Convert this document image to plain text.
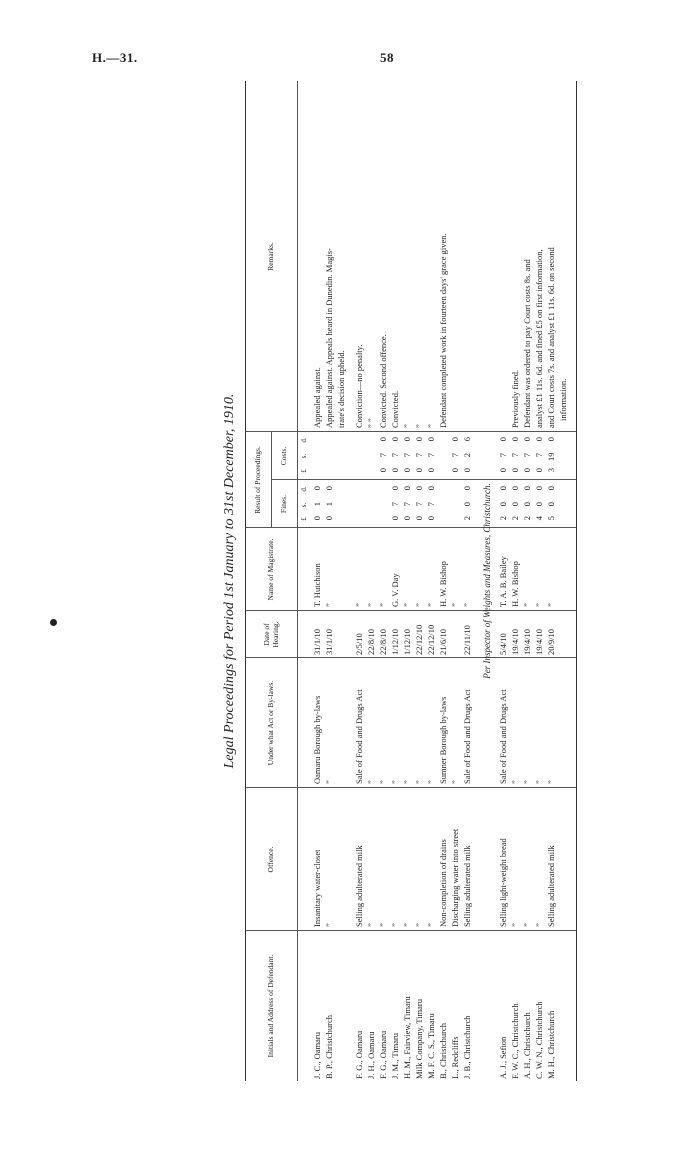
H.—31.	58
Legal Proceedings for Period 1st January to 31st December, 1910.
Initials and Address of Defendant.
Offence.
Under what Act or By-laws.
Date of Hearing.
Name of Magistrate.
Result of Proceedings.	Fines.
Costs.
Remarks.
£
s.
d.
£
s.
d.
J. C., Oamaru
Insanitary water-closet
Oamaru Borough by-laws
31/1/10
T. Hutchison
Appealed against.
0
1
0
B. P., Christchurch
”
”
31/1/10
”
Appealed against. Appeals heard in Dunedin. Magis-
0
1
0
trate's decision upheld.
F. G., Oamaru
Selling adulterated milk
Sale of Food and Drugs Act
2/5/10
”
Conviction—no penalty.
J. H., Oamaru
”
”
22/8/10
”
” ”
F. G., Oamaru
”
”
22/8/10
”
Convicted. Second offence.
0
7
0
J. M., Timaru
”
”
1/12/10
G. V. Day
Convicted.
0
7
0
0
7
0
H. M., Fairview, Timaru
”
”
1/12/10
”
”
0
7
0
0
7
0
Milk Company, Timaru
”
”
22/12/10
”
”
0
7
0
0
7
0
M. F. C. S., Timaru
”
”
22/12/10
”
”
0
7
0
0
7
0
B., Christchurch
Non-completion of drains
Sumner Borough by-laws
21/6/10
H. W. Bishop
Defendant completed work in fourteen days' grace given.
L., Redcliffs
Discharging water into street
”
”
0
7
0
J. B., Christchurch
Selling adulterated milk
Sale of Food and Drugs Act
22/11/10
”
2
0
0
0
2
6
Per Inspector of Weights and Measures, Christchurch.
A. J., Sefton
Selling light-weight bread
Sale of Food and Drugs Act
5/4/10
T. A. B. Bailey
2
0
0
0
7
0
F. W. C., Christchurch
”
”
19/4/10
H. W. Bishop
Previously fined.
2
0
0
0
7
0
A. H., Christchurch
”
”
19/4/10
”
Defendant was ordered to pay Court costs 8s. and
2
0
0
0
7
0
C. W. N., Christchurch
”
”
19/4/10
”
analyst £1 11s. 6d. and fined £5 on first information,
4
0
0
0
7
0
M. H., Christchurch
Selling adulterated milk
”
20/9/10
”
and Court costs 7s. and analyst £1 11s. 6d. on second
5
0
0
3
19
0
information.
